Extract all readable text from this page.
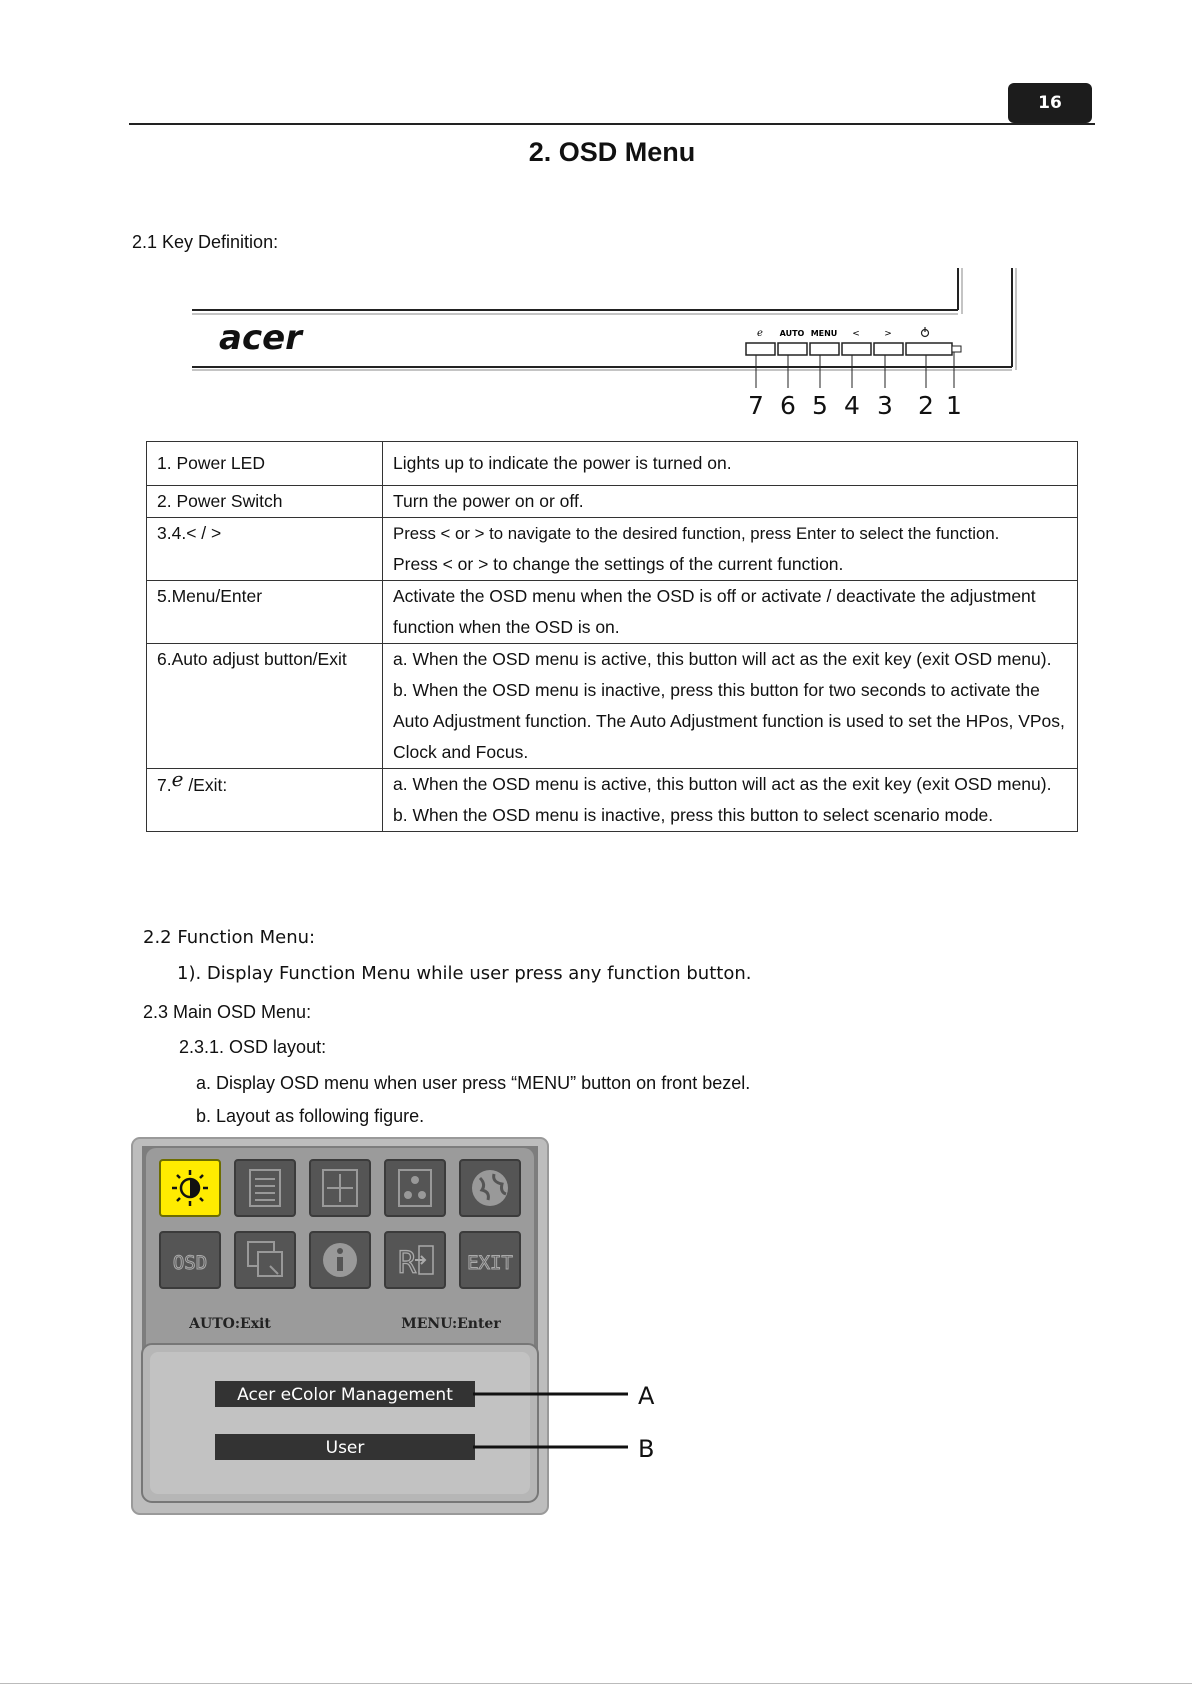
16
2. OSD Menu
2.1 Key Definition:
acer	e AUTO MENU <	>
7 6 5 4 3 2 1
1. Power LED	Lights up to indicate the power is turned on.

2. Power Switch	Turn the power on or off.

3.4.< / >	Press < or > to navigate to the desired function, press Enter to select the function.
Press < or > to change the settings of the current function.

5.Menu/Enter	Activate the OSD menu when the OSD is off or activate / deactivate the adjustment function when the OSD is on.

6.Auto adjust button/Exit	a. When the OSD menu is active, this button will act as the exit key (exit OSD menu).
b. When the OSD menu is inactive, press this button for two seconds to activate the Auto Adjustment function. The Auto Adjustment function is used to set the HPos, VPos, Clock and Focus.

7.e /Exit:	a. When the OSD menu is active, this button will act as the exit key (exit OSD menu).
b. When the OSD menu is inactive, press this button to select scenario mode.
2.2 Function Menu:
1). Display Function Menu while user press any function button.
2.3 Main OSD Menu:
2.3.1. OSD layout:
a. Display OSD menu when user press “MENU” button on front bezel.
b. Layout as following figure.
OSD	R	EXIT
AUTO:Exit	MENU:Enter
Acer eColor Management
User
A
B
